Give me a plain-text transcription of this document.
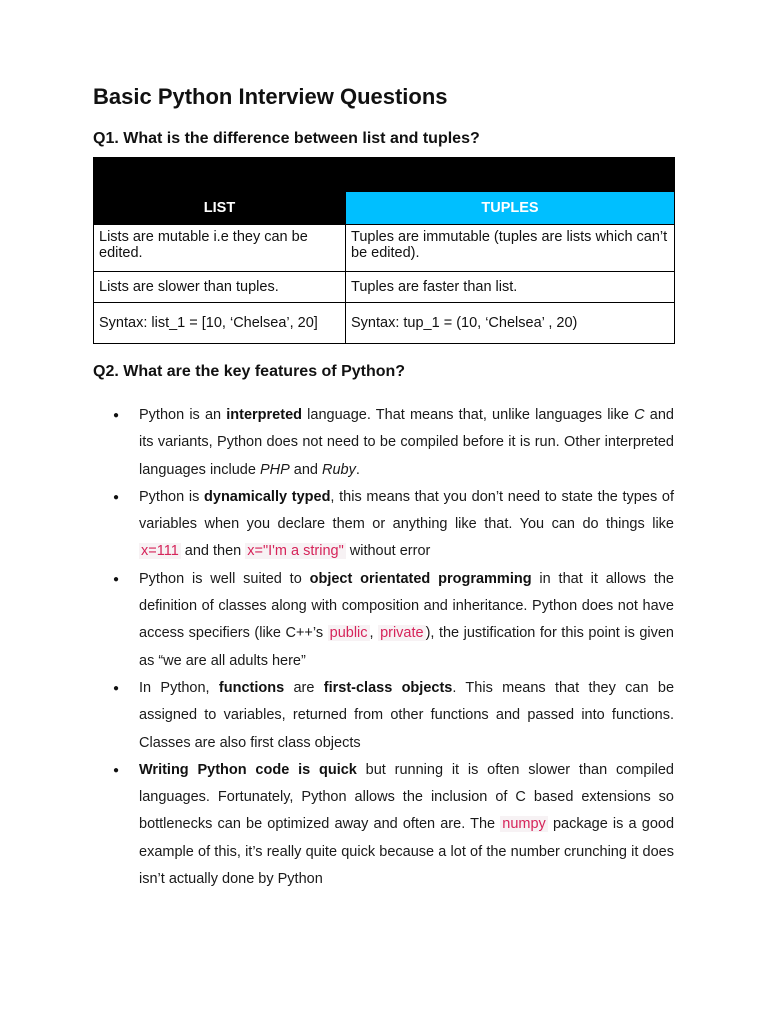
Basic Python Interview Questions
Q1. What is the difference between list and tuples?

LIST	TUPLES
Lists are mutable i.e they can be edited.	Tuples are immutable (tuples are lists which can’t be edited).
Lists are slower than tuples.	Tuples are faster than list.
Syntax: list_1 = [10, ‘Chelsea’, 20]	Syntax: tup_1 = (10, ‘Chelsea’ , 20)
Q2. What are the key features of Python?
● Python is an interpreted language. That means that, unlike languages like C and its variants, Python does not need to be compiled before it is run. Other interpreted languages include PHP and Ruby.
● Python is dynamically typed, this means that you don’t need to state the types of variables when you declare them or anything like that. You can do things like x=111 and then x="I'm a string" without error
● Python is well suited to object orientated programming in that it allows the definition of classes along with composition and inheritance. Python does not have access specifiers (like C++’s public , private ), the justification for this point is given as “we are all adults here”
● In Python, functions are first-class objects. This means that they can be assigned to variables, returned from other functions and passed into functions. Classes are also first class objects
● Writing Python code is quick but running it is often slower than compiled languages. Fortunately, Python allows the inclusion of C based extensions so bottlenecks can be optimized away and often are. The numpy package is a good example of this, it’s really quite quick because a lot of the number crunching it does isn’t actually done by Python
